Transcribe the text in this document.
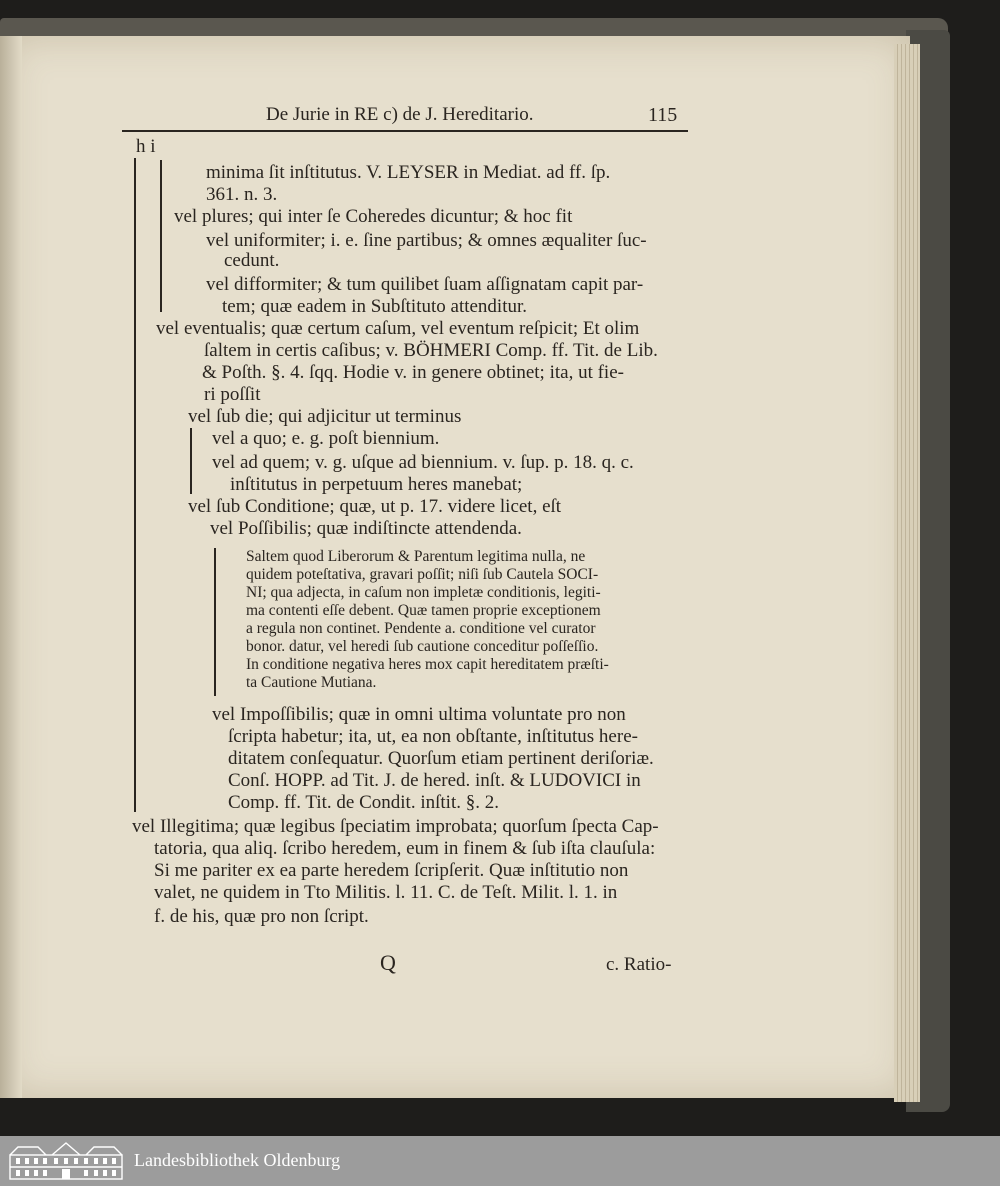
De Jurie in RE c) de J. Hereditario.	115
h i
minima ſit inſtitutus. V. LEYSER in Mediat. ad ff. ſp.
361. n. 3.
vel plures; qui inter ſe Coheredes dicuntur; & hoc fit
vel uniformiter; i. e. ſine partibus; & omnes æqualiter ſuc-
cedunt.
vel difformiter; & tum quilibet ſuam aſſignatam capit par-
tem; quæ eadem in Subſtituto attenditur.
vel eventualis; quæ certum caſum, vel eventum reſpicit; Et olim
ſaltem in certis caſibus; v. BÖHMERI Comp. ff. Tit. de Lib.
& Poſth. §. 4. ſqq. Hodie v. in genere obtinet; ita, ut fie-
ri poſſit
vel ſub die; qui adjicitur ut terminus
vel a quo; e. g. poſt biennium.
vel ad quem; v. g. uſque ad biennium. v. ſup. p. 18. q. c.
inſtitutus in perpetuum heres manebat;
vel ſub Conditione; quæ, ut p. 17. videre licet, eſt
vel Poſſibilis; quæ indiſtincte attendenda.
Saltem quod Liberorum & Parentum legitima nulla, ne
quidem poteſtativa, gravari poſſit; niſi ſub Cautela SOCI-
NI; qua adjecta, in caſum non impletæ conditionis, legiti-
ma contenti eſſe debent. Quæ tamen proprie exceptionem
a regula non continet. Pendente a. conditione vel curator
bonor. datur, vel heredi ſub cautione conceditur poſſeſſio.
In conditione negativa heres mox capit hereditatem præſti-
ta Cautione Mutiana.
vel Impoſſibilis; quæ in omni ultima voluntate pro non
ſcripta habetur; ita, ut, ea non obſtante, inſtitutus here-
ditatem conſequatur. Quorſum etiam pertinent deriſoriæ.
Conſ. HOPP. ad Tit. J. de hered. inſt. & LUDOVICI in
Comp. ff. Tit. de Condit. inſtit. §. 2.
vel Illegitima; quæ legibus ſpeciatim improbata; quorſum ſpecta Cap-
tatoria, qua aliq. ſcribo heredem, eum in finem & ſub iſta clauſula:
Si me pariter ex ea parte heredem ſcripſerit. Quæ inſtitutio non
valet, ne quidem in Tto Militis. l. 11. C. de Teſt. Milit. l. 1. in
f. de his, quæ pro non ſcript.
Q	c. Ratio-
Landesbibliothek Oldenburg
